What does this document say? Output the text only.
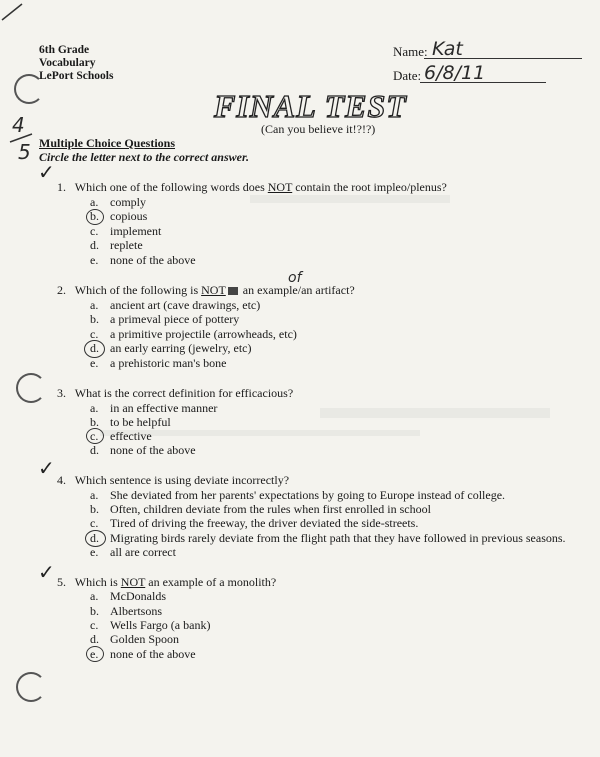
6th Grade
Vocabulary
LePort Schools
Name: Kat
Date: 6/8/11
FINAL TEST
(Can you believe it!?!?)
4
5 Multiple Choice Questions
Circle the letter next to the correct answer.
✓
✓
✓
1. Which one of the following words does NOT contain the root impleo/plenus?
a. comply
b. copious
c. implement
d. replete
e. none of the above
of
2. Which of the following is NOT an example/an artifact?
a. ancient art (cave drawings, etc)
b. a primeval piece of pottery
c. a primitive projectile (arrowheads, etc)
d. an early earring (jewelry, etc)
e. a prehistoric man's bone
3. What is the correct definition for efficacious?
a. in an effective manner
b. to be helpful
c. effective
d. none of the above
4. Which sentence is using deviate incorrectly?
a. She deviated from her parents' expectations by going to Europe instead of college.
b. Often, children deviate from the rules when first enrolled in school
c. Tired of driving the freeway, the driver deviated the side-streets.
d. Migrating birds rarely deviate from the flight path that they have followed in previous seasons.
e. all are correct
5. Which is NOT an example of a monolith?
a. McDonalds
b. Albertsons
c. Wells Fargo (a bank)
d. Golden Spoon
e. none of the above
